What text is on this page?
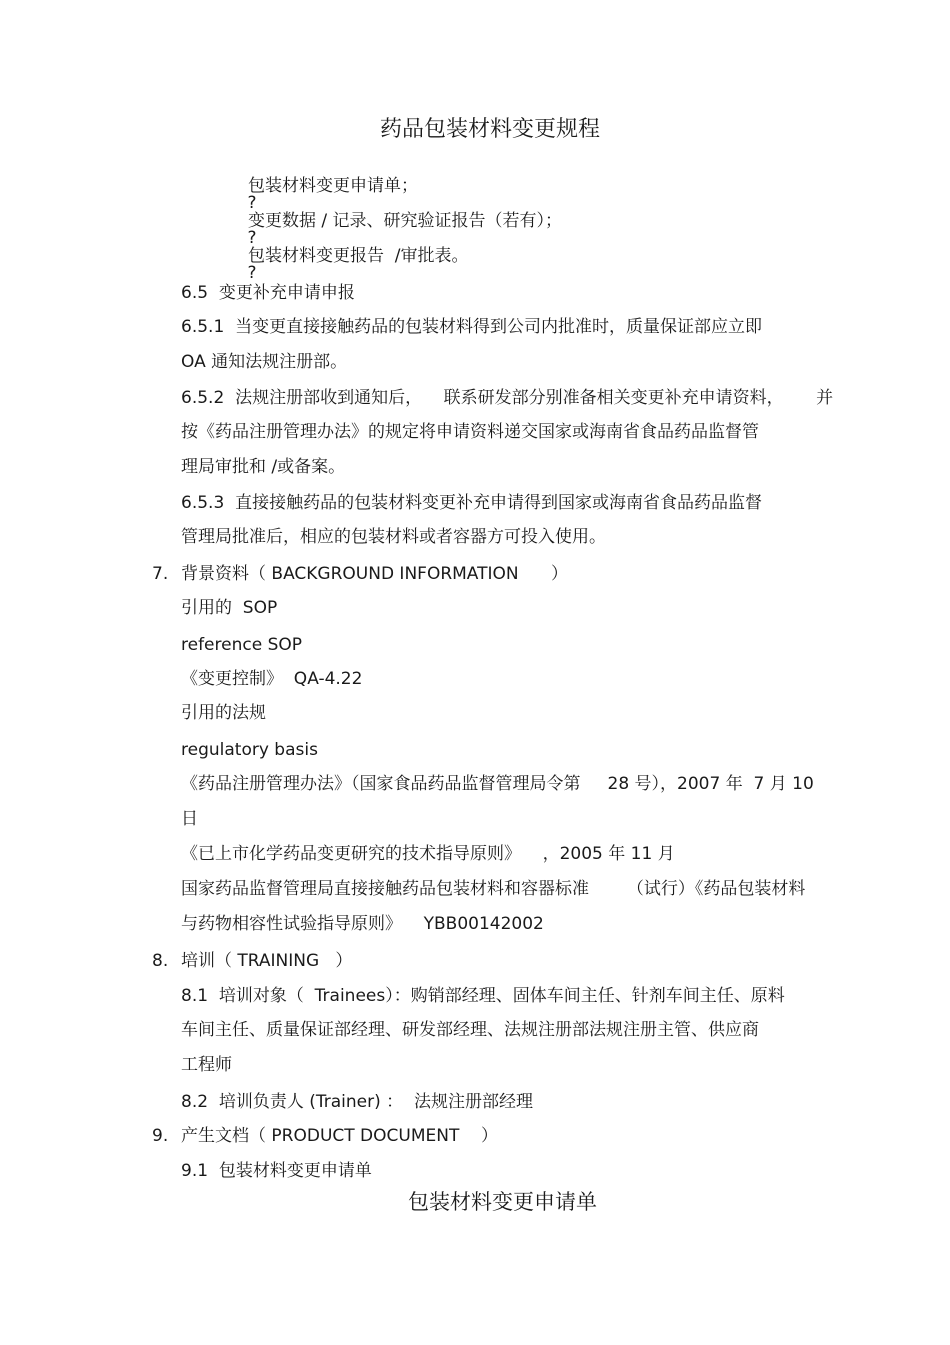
药品包装材料变更规程

?

包装材料变更申请单；

?

变更数据 / 记录、研究验证报告（若有）；

?

包装材料变更报告  /审批表。
6.5  变更补充申请申报
6.5.1  当变更直接接触药品的包装材料得到公司内批准时，质量保证部应立即
OA 通知法规注册部。
6.5.2  法规注册部收到通知后，    联系研发部分别准备相关变更补充申请资料，      并
按《药品注册管理办法》的规定将申请资料递交国家或海南省食品药品监督管
理局审批和 /或备案。
6.5.3  直接接触药品的包装材料变更补充申请得到国家或海南省食品药品监督
管理局批准后，相应的包装材料或者容器方可投入使用。
7. 背景资料（ BACKGROUND INFORMATION      ）
引用的  SOP
reference SOP
《变更控制》  QA-4.22
引用的法规
regulatory basis
《药品注册管理办法》（国家食品药品监督管理局令第     28 号），2007 年  7 月 10
日
《已上市化学药品变更研究的技术指导原则》    ，2005 年 11 月
国家药品监督管理局直接接触药品包装材料和容器标准       （试行）《药品包装材料
与药物相容性试验指导原则》    YBB00142002
8. 培训（ TRAINING   ）
8.1  培训对象（  Trainees）：购销部经理、固体车间主任、针剂车间主任、原料
车间主任、质量保证部经理、研发部经理、法规注册部法规注册主管、供应商
工程师
8.2  培训负责人 (Trainer) ：  法规注册部经理
9. 产生文档（ PRODUCT DOCUMENT    ）
9.1  包装材料变更申请单
包装材料变更申请单
